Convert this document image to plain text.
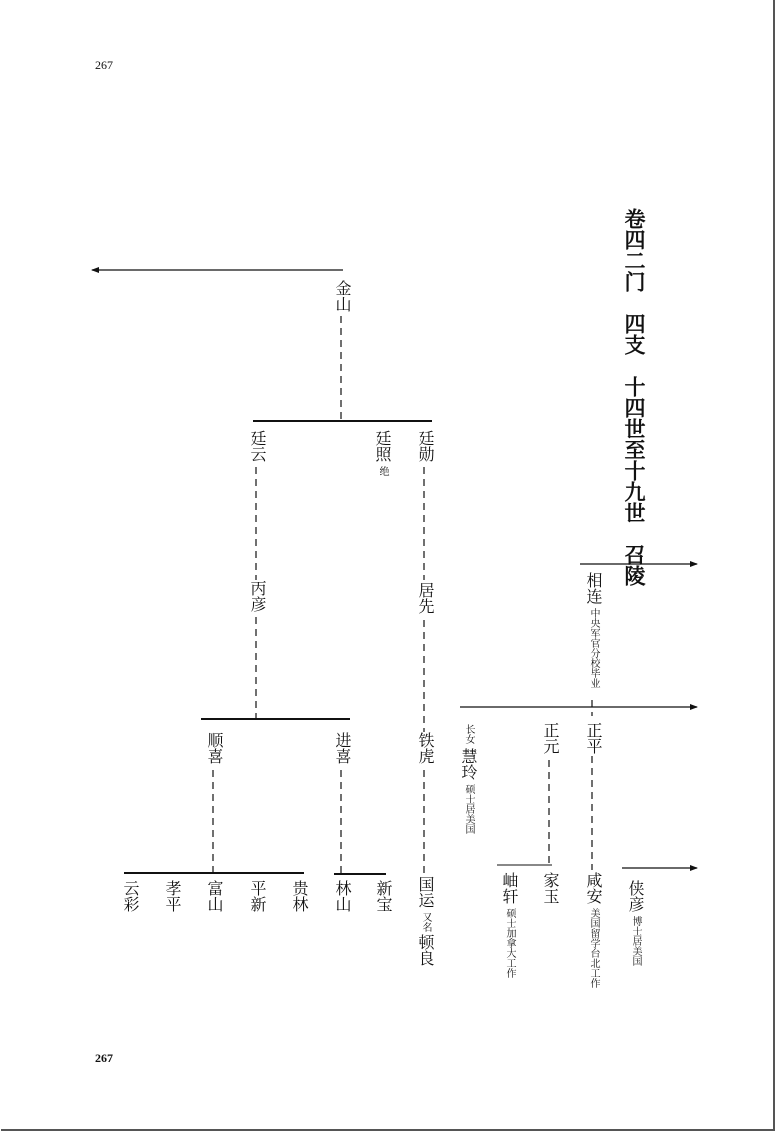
267
267
卷四二门　四支　十四世至十九世　召陵
金山
廷云	廷照
绝
廷勋
丙彦	居先
顺喜	进喜	铁虎
云彩 孝平 富山 平新 贵林 林山 新宝 国运
又名
顿良
相连
中央军官分校毕业
正平
正元
长女
慧玲
硕士居美国
家玉
岫轩
硕士加拿大工作
咸安
美国留学台北工作
侠彦
博士居美国
